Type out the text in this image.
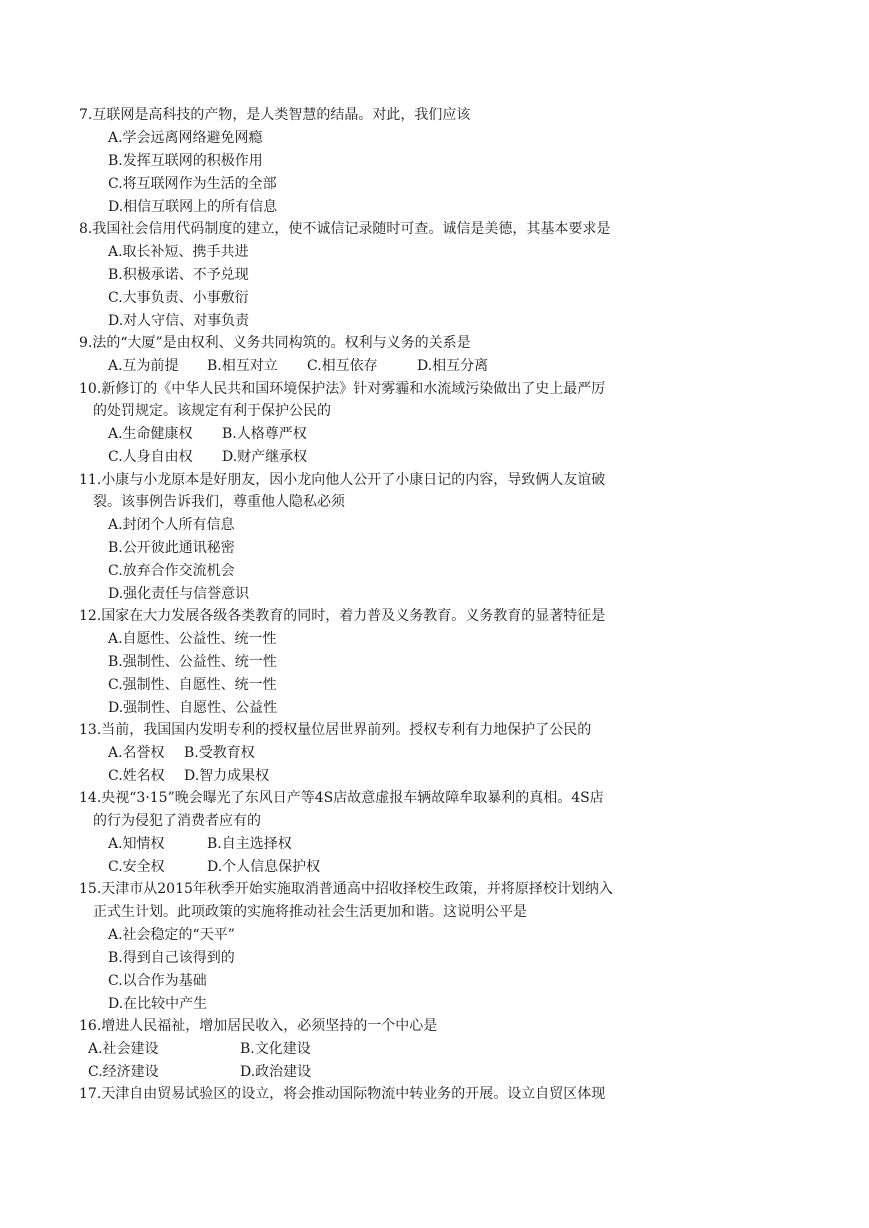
7.互联网是高科技的产物，是人类智慧的结晶。对此，我们应该
A.学会远离网络避免网瘾
B.发挥互联网的积极作用
C.将互联网作为生活的全部
D.相信互联网上的所有信息
8.我国社会信用代码制度的建立，使不诚信记录随时可查。诚信是美德，其基本要求是
A.取长补短、携手共进
B.积极承诺、不予兑现
C.大事负责、小事敷衍
D.对人守信、对事负责
9.法的“大厦”是由权利、义务共同构筑的。权利与义务的关系是
A.互为前提 B.相互对立 C.相互依存	D.相互分离
10.新修订的《中华人民共和国环境保护法》针对雾霾和水流域污染做出了史上最严厉
的处罚规定。该规定有利于保护公民的
A.生命健康权 B.人格尊严权
C.人身自由权 D.财产继承权
11.小康与小龙原本是好朋友，因小龙向他人公开了小康日记的内容，导致俩人友谊破
裂。该事例告诉我们，尊重他人隐私必须
A.封闭个人所有信息
B.公开彼此通讯秘密
C.放弃合作交流机会
D.强化责任与信誉意识
12.国家在大力发展各级各类教育的同时，着力普及义务教育。义务教育的显著特征是
A.自愿性、公益性、统一性
B.强制性、公益性、统一性
C.强制性、自愿性、统一性
D.强制性、自愿性、公益性
13.当前，我国国内发明专利的授权量位居世界前列。授权专利有力地保护了公民的
A.名誉权 B.受教育权
C.姓名权 D.智力成果权
14.央视“3·15”晚会曝光了东风日产等4S店故意虚报车辆故障牟取暴利的真相。4S店
的行为侵犯了消费者应有的
A.知情权	B.自主选择权
C.安全权	D.个人信息保护权
15.天津市从2015年秋季开始实施取消普通高中招收择校生政策，并将原择校计划纳入
正式生计划。此项政策的实施将推动社会生活更加和谐。这说明公平是
A.社会稳定的“天平”
B.得到自己该得到的
C.以合作为基础
D.在比较中产生
16.增进人民福祉，增加居民收入，必须坚持的一个中心是
A.社会建设	B.文化建设
C.经济建设	D.政治建设
17.天津自由贸易试验区的设立，将会推动国际物流中转业务的开展。设立自贸区体现
